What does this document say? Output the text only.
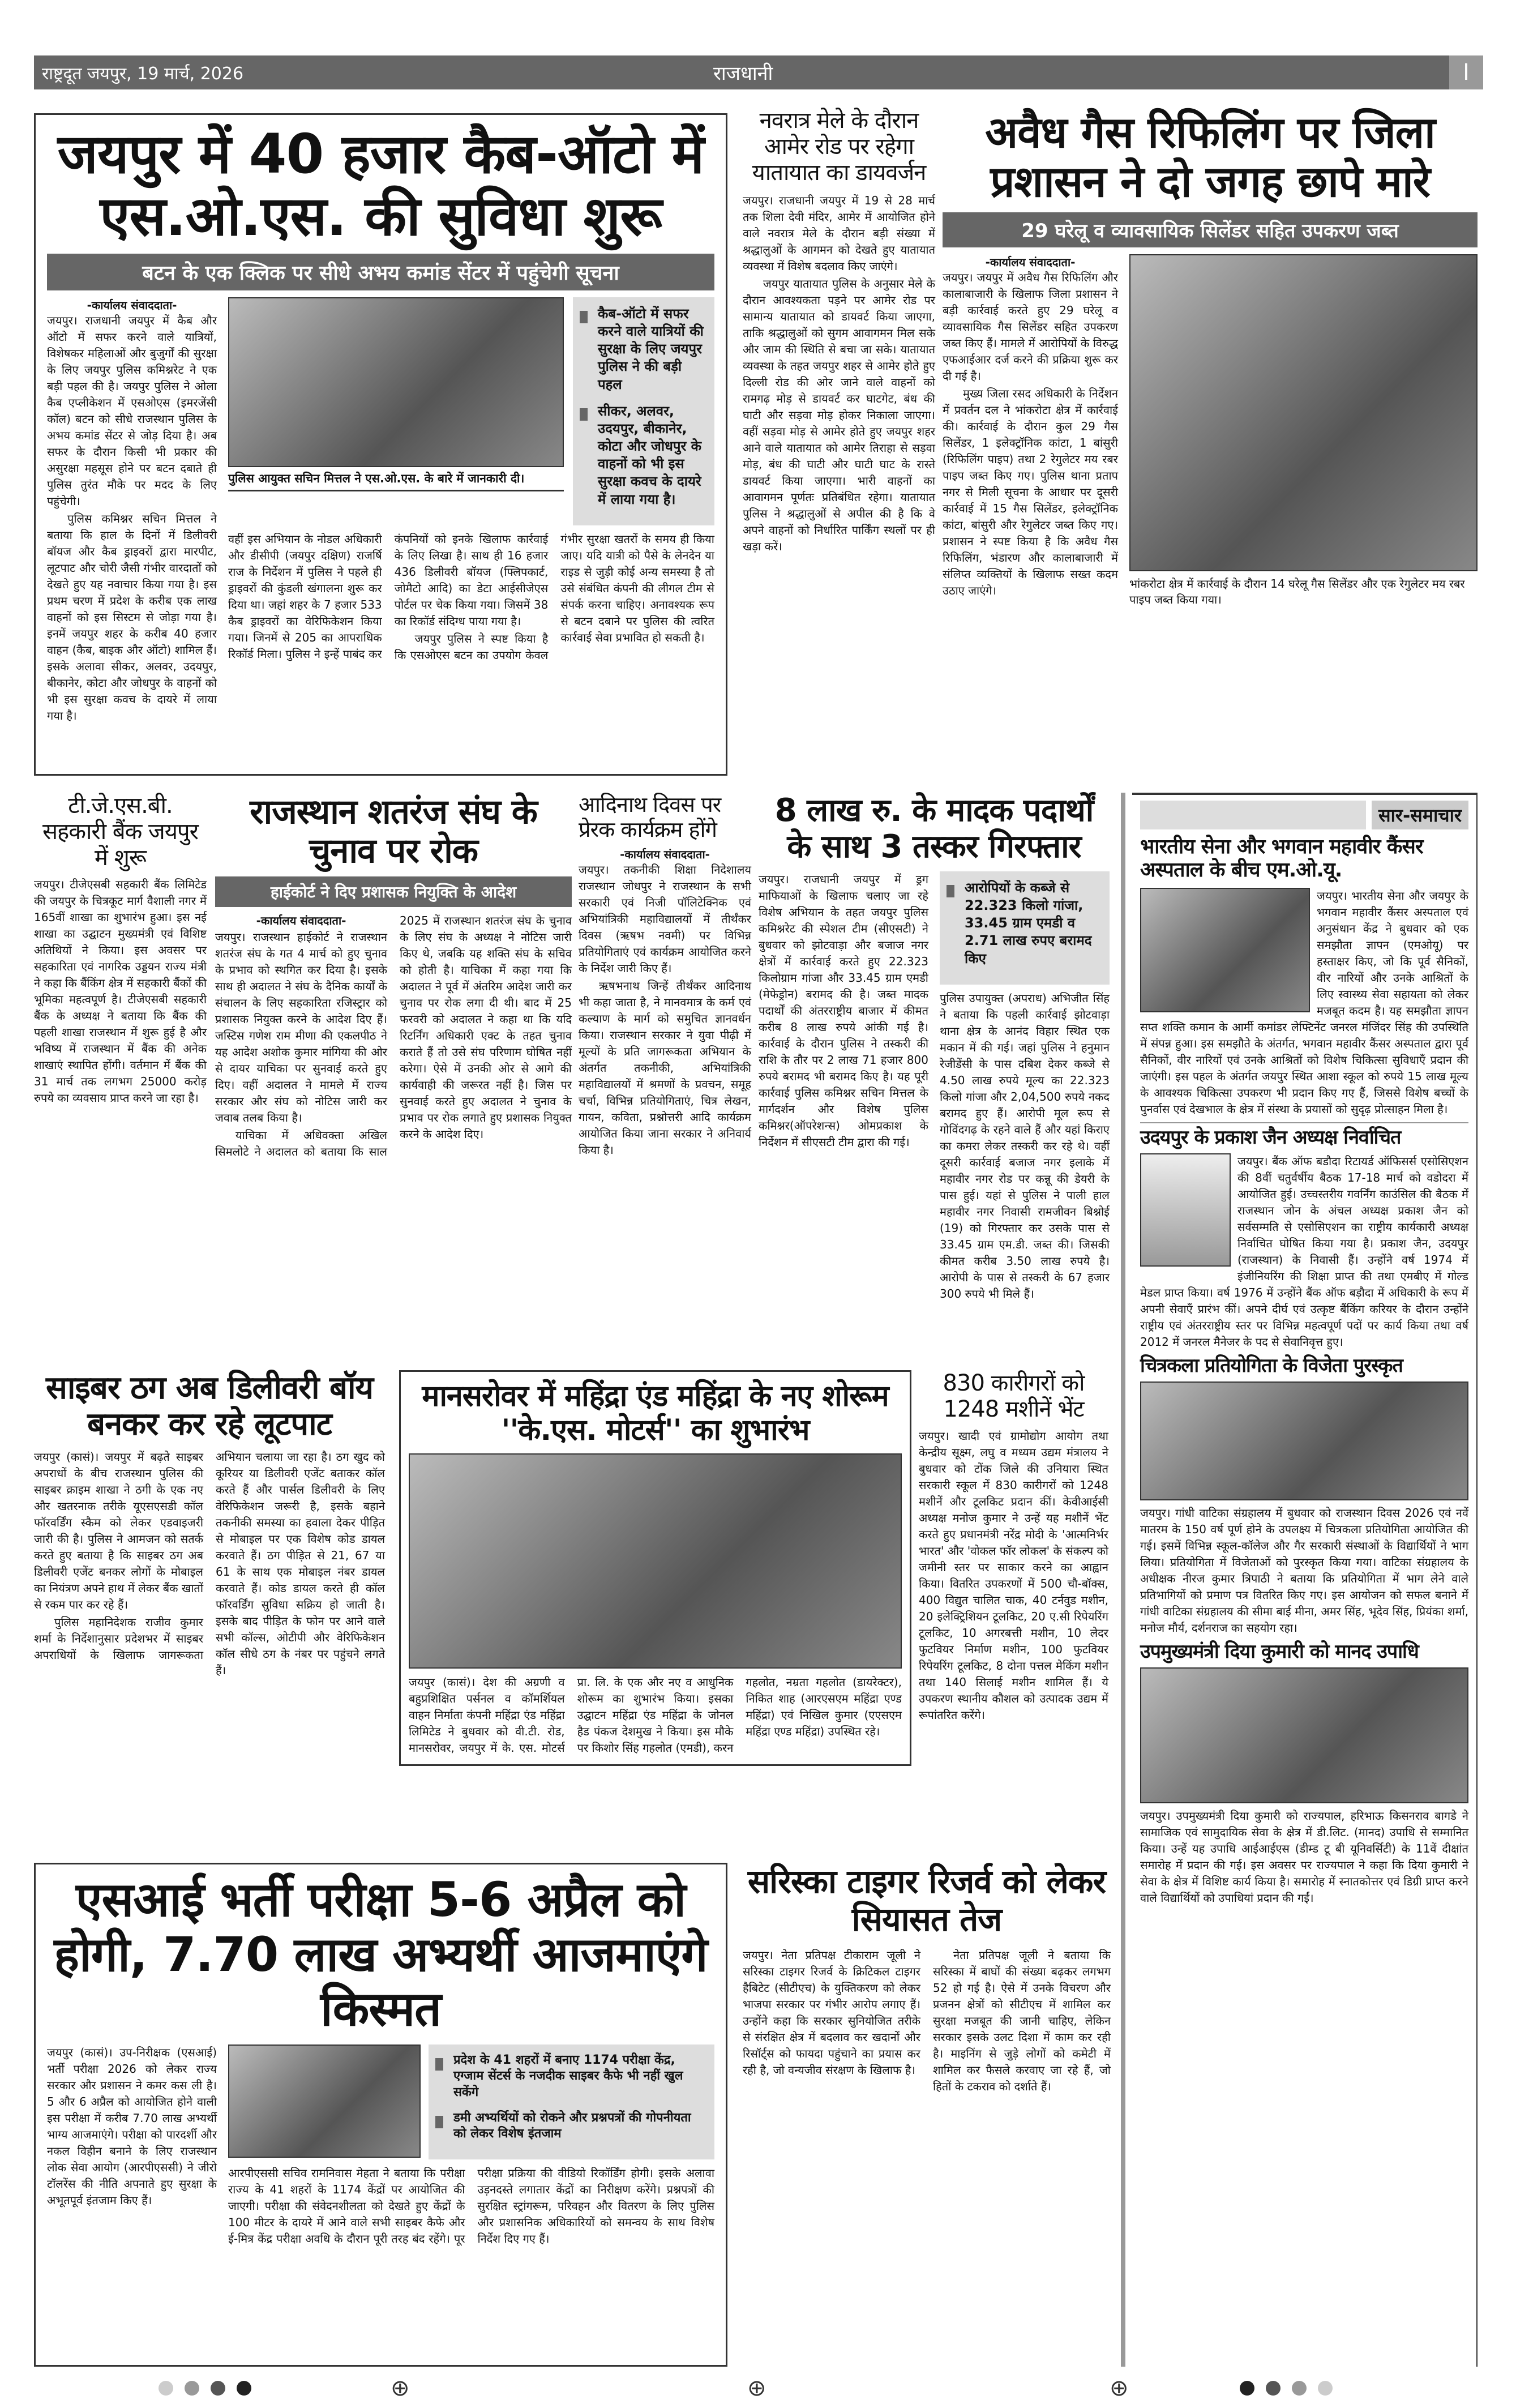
राष्ट्रदूत जयपुर, 19 मार्च, 2026	राजधानी	I
जयपुर में 40 हजार कैब-ऑटो में एस.ओ.एस. की सुविधा शुरू
बटन के एक क्लिक पर सीधे अभय कमांड सेंटर में पहुंचेगी सूचना
-कार्यालय संवाददाता-

जयपुर। राजधानी जयपुर में कैब और ऑटो में सफर करने वाले यात्रियों, विशेषकर महिलाओं और बुजुर्गों की सुरक्षा के लिए जयपुर पुलिस कमिश्नरेट ने एक बड़ी पहल की है। जयपुर पुलिस ने ओला कैब एप्लीकेशन में एसओएस (इमरजेंसी कॉल) बटन को सीधे राजस्थान पुलिस के अभय कमांड सेंटर से जोड़ दिया है। अब सफर के दौरान किसी भी प्रकार की असुरक्षा महसूस होने पर बटन दबाते ही पुलिस तुरंत मौके पर मदद के लिए पहुंचेगी।

पुलिस कमिश्नर सचिन मित्तल ने बताया कि हाल के दिनों में डिलीवरी बॉयज और कैब ड्राइवरों द्वारा मारपीट, लूटपाट और चोरी जैसी गंभीर वारदातों को देखते हुए यह नवाचार किया गया है। इस प्रथम चरण में प्रदेश के करीब एक लाख वाहनों को इस सिस्टम से जोड़ा गया है। इनमें जयपुर शहर के करीब 40 हजार वाहन (कैब, बाइक और ऑटो) शामिल हैं। इसके अलावा सीकर, अलवर, उदयपुर, बीकानेर, कोटा और जोधपुर के वाहनों को भी इस सुरक्षा कवच के दायरे में लाया गया है।

पुलिस आयुक्त सचिन मित्तल ने एस.ओ.एस. के बारे में जानकारी दी।
कैब-ऑटो में सफर करने वाले यात्रियों की सुरक्षा के लिए जयपुर पुलिस ने की बड़ी पहल
सीकर, अलवर, उदयपुर, बीकानेर, कोटा और जोधपुर के वाहनों को भी इस सुरक्षा कवच के दायरे में लाया गया है।

वहीं इस अभियान के नोडल अधिकारी और डीसीपी (जयपुर दक्षिण) राजर्षि राज के निर्देशन में पुलिस ने पहले ही ड्राइवरों की कुंडली खंगालना शुरू कर दिया था। जहां शहर के 7 हजार 533 कैब ड्राइवरों का वेरिफिकेशन किया गया। जिनमें से 205 का आपराधिक रिकॉर्ड मिला। पुलिस ने इन्हें पाबंद कर कंपनियों को इनके खिलाफ कार्रवाई के लिए लिखा है। साथ ही 16 हजार 436 डिलीवरी बॉयज (फ्लिपकार्ट, जोमैटो आदि) का डेटा आईसीजेएस पोर्टल पर चेक किया गया। जिसमें 38 का रिकॉर्ड संदिग्ध पाया गया है।

जयपुर पुलिस ने स्पष्ट किया है कि एसओएस बटन का उपयोग केवल गंभीर सुरक्षा खतरों के समय ही किया जाए। यदि यात्री को पैसे के लेनदेन या राइड से जुड़ी कोई अन्य समस्या है तो उसे संबंधित कंपनी की लीगल टीम से संपर्क करना चाहिए। अनावश्यक रूप से बटन दबाने पर पुलिस की त्वरित कार्रवाई सेवा प्रभावित हो सकती है।

नवरात्र मेले के दौरान आमेर रोड पर रहेगा यातायात का डायवर्जन

जयपुर। राजधानी जयपुर में 19 से 28 मार्च तक शिला देवी मंदिर, आमेर में आयोजित होने वाले नवरात्र मेले के दौरान बड़ी संख्या में श्रद्धालुओं के आगमन को देखते हुए यातायात व्यवस्था में विशेष बदलाव किए जाएंगे।

जयपुर यातायात पुलिस के अनुसार मेले के दौरान आवश्यकता पड़ने पर आमेर रोड पर सामान्य यातायात को डायवर्ट किया जाएगा, ताकि श्रद्धालुओं को सुगम आवागमन मिल सके और जाम की स्थिति से बचा जा सके। यातायात व्यवस्था के तहत जयपुर शहर से आमेर होते हुए दिल्ली रोड की ओर जाने वाले वाहनों को रामगढ़ मोड़ से डायवर्ट कर घाटगेट, बंध की घाटी और सड़वा मोड़ होकर निकाला जाएगा। वहीं सड़वा मोड़ से आमेर होते हुए जयपुर शहर आने वाले यातायात को आमेर तिराहा से सड़वा मोड़, बंध की घाटी और घाटी घाट के रास्ते डायवर्ट किया जाएगा। भारी वाहनों का आवागमन पूर्णतः प्रतिबंधित रहेगा। यातायात पुलिस ने श्रद्धालुओं से अपील की है कि वे अपने वाहनों को निर्धारित पार्किंग स्थलों पर ही खड़ा करें।

अवैध गैस रिफिलिंग पर जिला प्रशासन ने दो जगह छापे मारे
29 घरेलू व व्यावसायिक सिलेंडर सहित उपकरण जब्त
-कार्यालय संवाददाता-

जयपुर। जयपुर में अवैध गैस रिफिलिंग और कालाबाजारी के खिलाफ जिला प्रशासन ने बड़ी कार्रवाई करते हुए 29 घरेलू व व्यावसायिक गैस सिलेंडर सहित उपकरण जब्त किए हैं। मामले में आरोपियों के विरुद्ध एफआईआर दर्ज करने की प्रक्रिया शुरू कर दी गई है।

मुख्य जिला रसद अधिकारी के निर्देशन में प्रवर्तन दल ने भांकरोटा क्षेत्र में कार्रवाई की। कार्रवाई के दौरान कुल 29 गैस सिलेंडर, 1 इलेक्ट्रॉनिक कांटा, 1 बांसुरी (रिफिलिंग पाइप) तथा 2 रेगुलेटर मय रबर पाइप जब्त किए गए। पुलिस थाना प्रताप नगर से मिली सूचना के आधार पर दूसरी कार्रवाई में 15 गैस सिलेंडर, इलेक्ट्रॉनिक कांटा, बांसुरी और रेगुलेटर जब्त किए गए। प्रशासन ने स्पष्ट किया है कि अवैध गैस रिफिलिंग, भंडारण और कालाबाजारी में संलिप्त व्यक्तियों के खिलाफ सख्त कदम उठाए जाएंगे।	भांकरोटा क्षेत्र में कार्रवाई के दौरान 14 घरेलू गैस सिलेंडर और एक रेगुलेटर मय रबर पाइप जब्त किया गया।
टी.जे.एस.बी. सहकारी बैंक जयपुर में शुरू

जयपुर। टीजेएसबी सहकारी बैंक लिमिटेड की जयपुर के चित्रकूट मार्ग वैशाली नगर में 165वीं शाखा का शुभारंभ हुआ। इस नई शाखा का उद्घाटन मुख्यमंत्री एवं विशिष्ट अतिथियों ने किया। इस अवसर पर सहकारिता एवं नागरिक उड्डयन राज्य मंत्री ने कहा कि बैंकिंग क्षेत्र में सहकारी बैंकों की भूमिका महत्वपूर्ण है। टीजेएसबी सहकारी बैंक के अध्यक्ष ने बताया कि बैंक की पहली शाखा राजस्थान में शुरू हुई है और भविष्य में राजस्थान में बैंक की अनेक शाखाएं स्थापित होंगी। वर्तमान में बैंक की 31 मार्च तक लगभग 25000 करोड़ रुपये का व्यवसाय प्राप्त करने जा रहा है।

राजस्थान शतरंज संघ के चुनाव पर रोक
हाईकोर्ट ने दिए प्रशासक नियुक्ति के आदेश
-कार्यालय संवाददाता-

जयपुर। राजस्थान हाईकोर्ट ने राजस्थान शतरंज संघ के गत 4 मार्च को हुए चुनाव के प्रभाव को स्थगित कर दिया है। इसके साथ ही अदालत ने संघ के दैनिक कार्यों के संचालन के लिए सहकारिता रजिस्ट्रार को प्रशासक नियुक्त करने के आदेश दिए हैं। जस्टिस गणेश राम मीणा की एकलपीठ ने यह आदेश अशोक कुमार मांगिया की ओर से दायर याचिका पर सुनवाई करते हुए दिए। वहीं अदालत ने मामले में राज्य सरकार और संघ को नोटिस जारी कर जवाब तलब किया है।

याचिका में अधिवक्ता अखिल सिमलोटे ने अदालत को बताया कि साल 2025 में राजस्थान शतरंज संघ के चुनाव के लिए संघ के अध्यक्ष ने नोटिस जारी किए थे, जबकि यह शक्ति संघ के सचिव को होती है। याचिका में कहा गया कि अदालत ने पूर्व में अंतरिम आदेश जारी कर चुनाव पर रोक लगा दी थी। बाद में 25 फरवरी को अदालत ने कहा था कि यदि रिटर्निंग अधिकारी एक्ट के तहत चुनाव कराते हैं तो उसे संघ परिणाम घोषित नहीं करेगा। ऐसे में उनकी ओर से आगे की कार्यवाही की जरूरत नहीं है। जिस पर सुनवाई करते हुए अदालत ने चुनाव के प्रभाव पर रोक लगाते हुए प्रशासक नियुक्त करने के आदेश दिए।

आदिनाथ दिवस पर प्रेरक कार्यक्रम होंगे
-कार्यालय संवाददाता-

जयपुर। तकनीकी शिक्षा निदेशालय राजस्थान जोधपुर ने राजस्थान के सभी सरकारी एवं निजी पॉलिटेक्निक एवं अभियांत्रिकी महाविद्यालयों में तीर्थंकर दिवस (ऋषभ नवमी) पर विभिन्न प्रतियोगिताएं एवं कार्यक्रम आयोजित करने के निर्देश जारी किए हैं।

ऋषभनाथ जिन्हें तीर्थंकर आदिनाथ भी कहा जाता है, ने मानवमात्र के कर्म एवं कल्याण के मार्ग को समुचित ज्ञानवर्धन किया। राजस्थान सरकार ने युवा पीढ़ी में मूल्यों के प्रति जागरूकता अभियान के अंतर्गत तकनीकी, अभियांत्रिकी महाविद्यालयों में श्रमणों के प्रवचन, समूह चर्चा, विभिन्न प्रतियोगिताएं, चित्र लेखन, गायन, कविता, प्रश्नोत्तरी आदि कार्यक्रम आयोजित किया जाना सरकार ने अनिवार्य किया है।

8 लाख रु. के मादक पदार्थों के साथ 3 तस्कर गिरफ्तार

जयपुर। राजधानी जयपुर में ड्रग माफियाओं के खिलाफ चलाए जा रहे विशेष अभियान के तहत जयपुर पुलिस कमिश्नरेट की स्पेशल टीम (सीएसटी) ने बुधवार को झोटवाड़ा और बजाज नगर क्षेत्रों में कार्रवाई करते हुए 22.323 किलोग्राम गांजा और 33.45 ग्राम एमडी (मेफेड्रोन) बरामद की है। जब्त मादक पदार्थों की अंतरराष्ट्रीय बाजार में कीमत करीब 8 लाख रुपये आंकी गई है। कार्रवाई के दौरान पुलिस ने तस्करी की राशि के तौर पर 2 लाख 71 हजार 800 रुपये बरामद भी बरामद किए है। यह पूरी कार्रवाई पुलिस कमिश्नर सचिन मित्तल के मार्गदर्शन और विशेष पुलिस कमिश्नर(ऑपरेशन्स) ओमप्रकाश के निर्देशन में सीएसटी टीम द्वारा की गई।

आरोपियों के कब्जे से 22.323 किलो गांजा, 33.45 ग्राम एमडी व 2.71 लाख रुपए बरामद किए

पुलिस उपायुक्त (अपराध) अभिजीत सिंह ने बताया कि पहली कार्रवाई झोटवाड़ा थाना क्षेत्र के आनंद विहार स्थित एक मकान में की गई। जहां पुलिस ने हनुमान रेजीडेंसी के पास दबिश देकर कब्जे से 4.50 लाख रुपये मूल्य का 22.323 किलो गांजा और 2,04,500 रुपये नकद बरामद हुए हैं। आरोपी मूल रूप से गोविंदगढ़ के रहने वाले हैं और यहां किराए का कमरा लेकर तस्करी कर रहे थे। वहीं दूसरी कार्रवाई बजाज नगर इलाके में महावीर नगर रोड पर कन्नू की डेयरी के पास हुई। यहां से पुलिस ने पाली हाल महावीर नगर निवासी रामजीवन बिश्नोई (19) को गिरफ्तार कर उसके पास से 33.45 ग्राम एम.डी. जब्त की। जिसकी कीमत करीब 3.50 लाख रुपये है। आरोपी के पास से तस्करी के 67 हजार 300 रुपये भी मिले हैं।

सार-समाचार
भारतीय सेना और भगवान महावीर कैंसर अस्पताल के बीच एम.ओ.यू.

जयपुर। भारतीय सेना और जयपुर के भगवान महावीर कैंसर अस्पताल एवं अनुसंधान केंद्र ने बुधवार को एक समझौता ज्ञापन (एमओयू) पर हस्ताक्षर किए, जो कि पूर्व सैनिकों, वीर नारियों और उनके आश्रितों के लिए स्वास्थ्य सेवा सहायता को लेकर मजबूत कदम है। यह समझौता ज्ञापन सप्त शक्ति कमान के आर्मी कमांडर लेफ्टिनेंट जनरल मंजिंदर सिंह की उपस्थिति में संपन्न हुआ। इस समझौते के अंतर्गत, भगवान महावीर कैंसर अस्पताल द्वारा पूर्व सैनिकों, वीर नारियों एवं उनके आश्रितों को विशेष चिकित्सा सुविधाएँ प्रदान की जाएंगी। इस पहल के अंतर्गत जयपुर स्थित आशा स्कूल को रुपये 15 लाख मूल्य के आवश्यक चिकित्सा उपकरण भी प्रदान किए गए हैं, जिससे विशेष बच्चों के पुनर्वास एवं देखभाल के क्षेत्र में संस्था के प्रयासों को सुदृढ़ प्रोत्साहन मिला है।

उदयपुर के प्रकाश जैन अध्यक्ष निर्वाचित

जयपुर। बैंक ऑफ बडौदा रिटायर्ड ऑफिसर्स एसोसिएशन की 8वीं चतुर्वर्षीय बैठक 17-18 मार्च को वडोदरा में आयोजित हुई। उच्चस्तरीय गवर्निंग काउंसिल की बैठक में राजस्थान जोन के अंचल अध्यक्ष प्रकाश जैन को सर्वसम्मति से एसोसिएशन का राष्ट्रीय कार्यकारी अध्यक्ष निर्वाचित घोषित किया गया है। प्रकाश जैन, उदयपुर (राजस्थान) के निवासी हैं। उन्होंने वर्ष 1974 में इंजीनियरिंग की शिक्षा प्राप्त की तथा एमबीए में गोल्ड मेडल प्राप्त किया। वर्ष 1976 में उन्होंने बैंक ऑफ बड़ौदा में अधिकारी के रूप में अपनी सेवाएँ प्रारंभ कीं। अपने दीर्घ एवं उत्कृष्ट बैंकिंग करियर के दौरान उन्होंने राष्ट्रीय एवं अंतरराष्ट्रीय स्तर पर विभिन्न महत्वपूर्ण पदों पर कार्य किया तथा वर्ष 2012 में जनरल मैनेजर के पद से सेवानिवृत्त हुए।

चित्रकला प्रतियोगिता के विजेता पुरस्कृत

जयपुर। गांधी वाटिका संग्रहालय में बुधवार को राजस्थान दिवस 2026 एवं नवें मातरम के 150 वर्ष पूर्ण होने के उपलक्ष्य में चित्रकला प्रतियोगिता आयोजित की गई। इसमें विभिन्न स्कूल-कॉलेज और गैर सरकारी संस्थाओं के विद्यार्थियों ने भाग लिया। प्रतियोगिता में विजेताओं को पुरस्कृत किया गया। वाटिका संग्रहालय के अधीक्षक नीरज कुमार त्रिपाठी ने बताया कि प्रतियोगिता में भाग लेने वाले प्रतिभागियों को प्रमाण पत्र वितरित किए गए। इस आयोजन को सफल बनाने में गांधी वाटिका संग्रहालय की सीमा बाई मीना, अमर सिंह, भूदेव सिंह, प्रियंका शर्मा, मनोज मौर्य, दर्शनराज का सहयोग रहा।

उपमुख्यमंत्री दिया कुमारी को मानद उपाधि

जयपुर। उपमुख्यमंत्री दिया कुमारी को राज्यपाल, हरिभाऊ किसनराव बागडे ने सामाजिक एवं सामुदायिक सेवा के क्षेत्र में डी.लिट. (मानद) उपाधि से सम्मानित किया। उन्हें यह उपाधि आईआईएस (डीम्ड टू बी यूनिवर्सिटी) के 11वें दीक्षांत समारोह में प्रदान की गई। इस अवसर पर राज्यपाल ने कहा कि दिया कुमारी ने सेवा के क्षेत्र में विशिष्ट कार्य किया है। समारोह में स्नातकोत्तर एवं डिग्री प्राप्त करने वाले विद्यार्थियों को उपाधियां प्रदान की गईं।

साइबर ठग अब डिलीवरी बॉय बनकर कर रहे लूटपाट

जयपुर (कासं)। जयपुर में बढ़ते साइबर अपराधों के बीच राजस्थान पुलिस की साइबर क्राइम शाखा ने ठगी के एक नए और खतरनाक तरीके यूएसएसडी कॉल फॉरवर्डिंग स्कैम को लेकर एडवाइजरी जारी की है। पुलिस ने आमजन को सतर्क करते हुए बताया है कि साइबर ठग अब डिलीवरी एजेंट बनकर लोगों के मोबाइल का नियंत्रण अपने हाथ में लेकर बैंक खातों से रकम पार कर रहे हैं।

पुलिस महानिदेशक राजीव कुमार शर्मा के निर्देशानुसार प्रदेशभर में साइबर अपराधियों के खिलाफ जागरूकता अभियान चलाया जा रहा है। ठग खुद को कूरियर या डिलीवरी एजेंट बताकर कॉल करते हैं और पार्सल डिलीवरी के लिए वेरिफिकेशन जरूरी है, इसके बहाने तकनीकी समस्या का हवाला देकर पीड़ित से मोबाइल पर एक विशेष कोड डायल करवाते हैं। ठग पीड़ित से 21, 67 या 61 के साथ एक मोबाइल नंबर डायल करवाते हैं। कोड डायल करते ही कॉल फॉरवर्डिंग सुविधा सक्रिय हो जाती है। इसके बाद पीड़ित के फोन पर आने वाले सभी कॉल्स, ओटीपी और वेरिफिकेशन कॉल सीधे ठग के नंबर पर पहुंचने लगते हैं।

मानसरोवर में महिंद्रा एंड महिंद्रा के नए शोरूम ''के.एस. मोटर्स'' का शुभारंभ

जयपुर (कासं)। देश की अग्रणी व बहुप्रशिक्षित पर्सनल व कॉमर्शियल वाहन निर्माता कंपनी महिंद्रा एंड महिंद्रा लिमिटेड ने बुधवार को वी.टी. रोड, मानसरोवर, जयपुर में के. एस. मोटर्स प्रा. लि. के एक और नए व आधुनिक शोरूम का शुभारंभ किया। इसका उद्घाटन महिंद्रा एंड महिंद्रा के जोनल हैड पंकज देशमुख ने किया। इस मौके पर किशोर सिंह गहलोत (एमडी), करन गहलोत, नम्रता गहलोत (डायरेक्टर), निकित शाह (आरएसएम महिंद्रा एण्ड महिंद्रा) एवं निखिल कुमार (एएसएम महिंद्रा एण्ड महिंद्रा) उपस्थित रहे।

830 कारीगरों को 1248 मशीनें भेंट

जयपुर। खादी एवं ग्रामोद्योग आयोग तथा केन्द्रीय सूक्ष्म, लघु व मध्यम उद्यम मंत्रालय ने बुधवार को टोंक जिले की उनियारा स्थित सरकारी स्कूल में 830 कारीगरों को 1248 मशीनें और टूलकिट प्रदान कीं। केवीआईसी अध्यक्ष मनोज कुमार ने उन्हें यह मशीनें भेंट करते हुए प्रधानमंत्री नरेंद्र मोदी के 'आत्मनिर्भर भारत' और 'वोकल फॉर लोकल' के संकल्प को जमीनी स्तर पर साकार करने का आह्वान किया। वितरित उपकरणों में 500 चौ-बॉक्स, 400 विद्युत चालित चाक, 40 टर्नवुड मशीन, 20 इलेक्ट्रिशियन टूलकिट, 20 ए.सी रिपेयरिंग टूलकिट, 10 अगरबत्ती मशीन, 10 लेदर फुटवियर निर्माण मशीन, 100 फुटवियर रिपेयरिंग टूलकिट, 8 दोना पत्तल मेकिंग मशीन तथा 140 सिलाई मशीन शामिल हैं। ये उपकरण स्थानीय कौशल को उत्पादक उद्यम में रूपांतरित करेंगे।

एसआई भर्ती परीक्षा 5-6 अप्रैल को होगी, 7.70 लाख अभ्यर्थी आजमाएंगे किस्मत

जयपुर (कासं)। उप-निरीक्षक (एसआई) भर्ती परीक्षा 2026 को लेकर राज्य सरकार और प्रशासन ने कमर कस ली है। 5 और 6 अप्रैल को आयोजित होने वाली इस परीक्षा में करीब 7.70 लाख अभ्यर्थी भाग्य आजमाएंगे। परीक्षा को पारदर्शी और नकल विहीन बनाने के लिए राजस्थान लोक सेवा आयोग (आरपीएससी) ने जीरो टॉलरेंस की नीति अपनाते हुए सुरक्षा के अभूतपूर्व इंतजाम किए हैं।

प्रदेश के 41 शहरों में बनाए 1174 परीक्षा केंद्र, एग्जाम सेंटर्स के नजदीक साइबर कैफे भी नहीं खुल सकेंगे
डमी अभ्यर्थियों को रोकने और प्रश्नपत्रों की गोपनीयता को लेकर विशेष इंतजाम

आरपीएससी सचिव रामनिवास मेहता ने बताया कि परीक्षा राज्य के 41 शहरों के 1174 केंद्रों पर आयोजित की जाएगी। परीक्षा की संवेदनशीलता को देखते हुए केंद्रों के 100 मीटर के दायरे में आने वाले सभी साइबर कैफे और ई-मित्र केंद्र परीक्षा अवधि के दौरान पूरी तरह बंद रहेंगे। पूर परीक्षा प्रक्रिया की वीडियो रिकॉर्डिंग होगी। इसके अलावा उड़नदस्ते लगातार केंद्रों का निरीक्षण करेंगे। प्रश्नपत्रों की सुरक्षित स्ट्रांगरूम, परिवहन और वितरण के लिए पुलिस और प्रशासनिक अधिकारियों को समन्वय के साथ विशेष निर्देश दिए गए हैं।

सरिस्का टाइगर रिजर्व को लेकर सियासत तेज

जयपुर। नेता प्रतिपक्ष टीकाराम जूली ने सरिस्का टाइगर रिजर्व के क्रिटिकल टाइगर हैबिटेट (सीटीएच) के युक्तिकरण को लेकर भाजपा सरकार पर गंभीर आरोप लगाए हैं। उन्होंने कहा कि सरकार सुनियोजित तरीके से संरक्षित क्षेत्र में बदलाव कर खदानों और रिसॉर्ट्स को फायदा पहुंचाने का प्रयास कर रही है, जो वन्यजीव संरक्षण के खिलाफ है।

नेता प्रतिपक्ष जूली ने बताया कि सरिस्का में बाघों की संख्या बढ़कर लगभग 52 हो गई है। ऐसे में उनके विचरण और प्रजनन क्षेत्रों को सीटीएच में शामिल कर सुरक्षा मजबूत की जानी चाहिए, लेकिन सरकार इसके उलट दिशा में काम कर रही है। माइनिंग से जुड़े लोगों को कमेटी में शामिल कर फैसले करवाए जा रहे हैं, जो हितों के टकराव को दर्शाते हैं।

⊕	⊕	⊕
